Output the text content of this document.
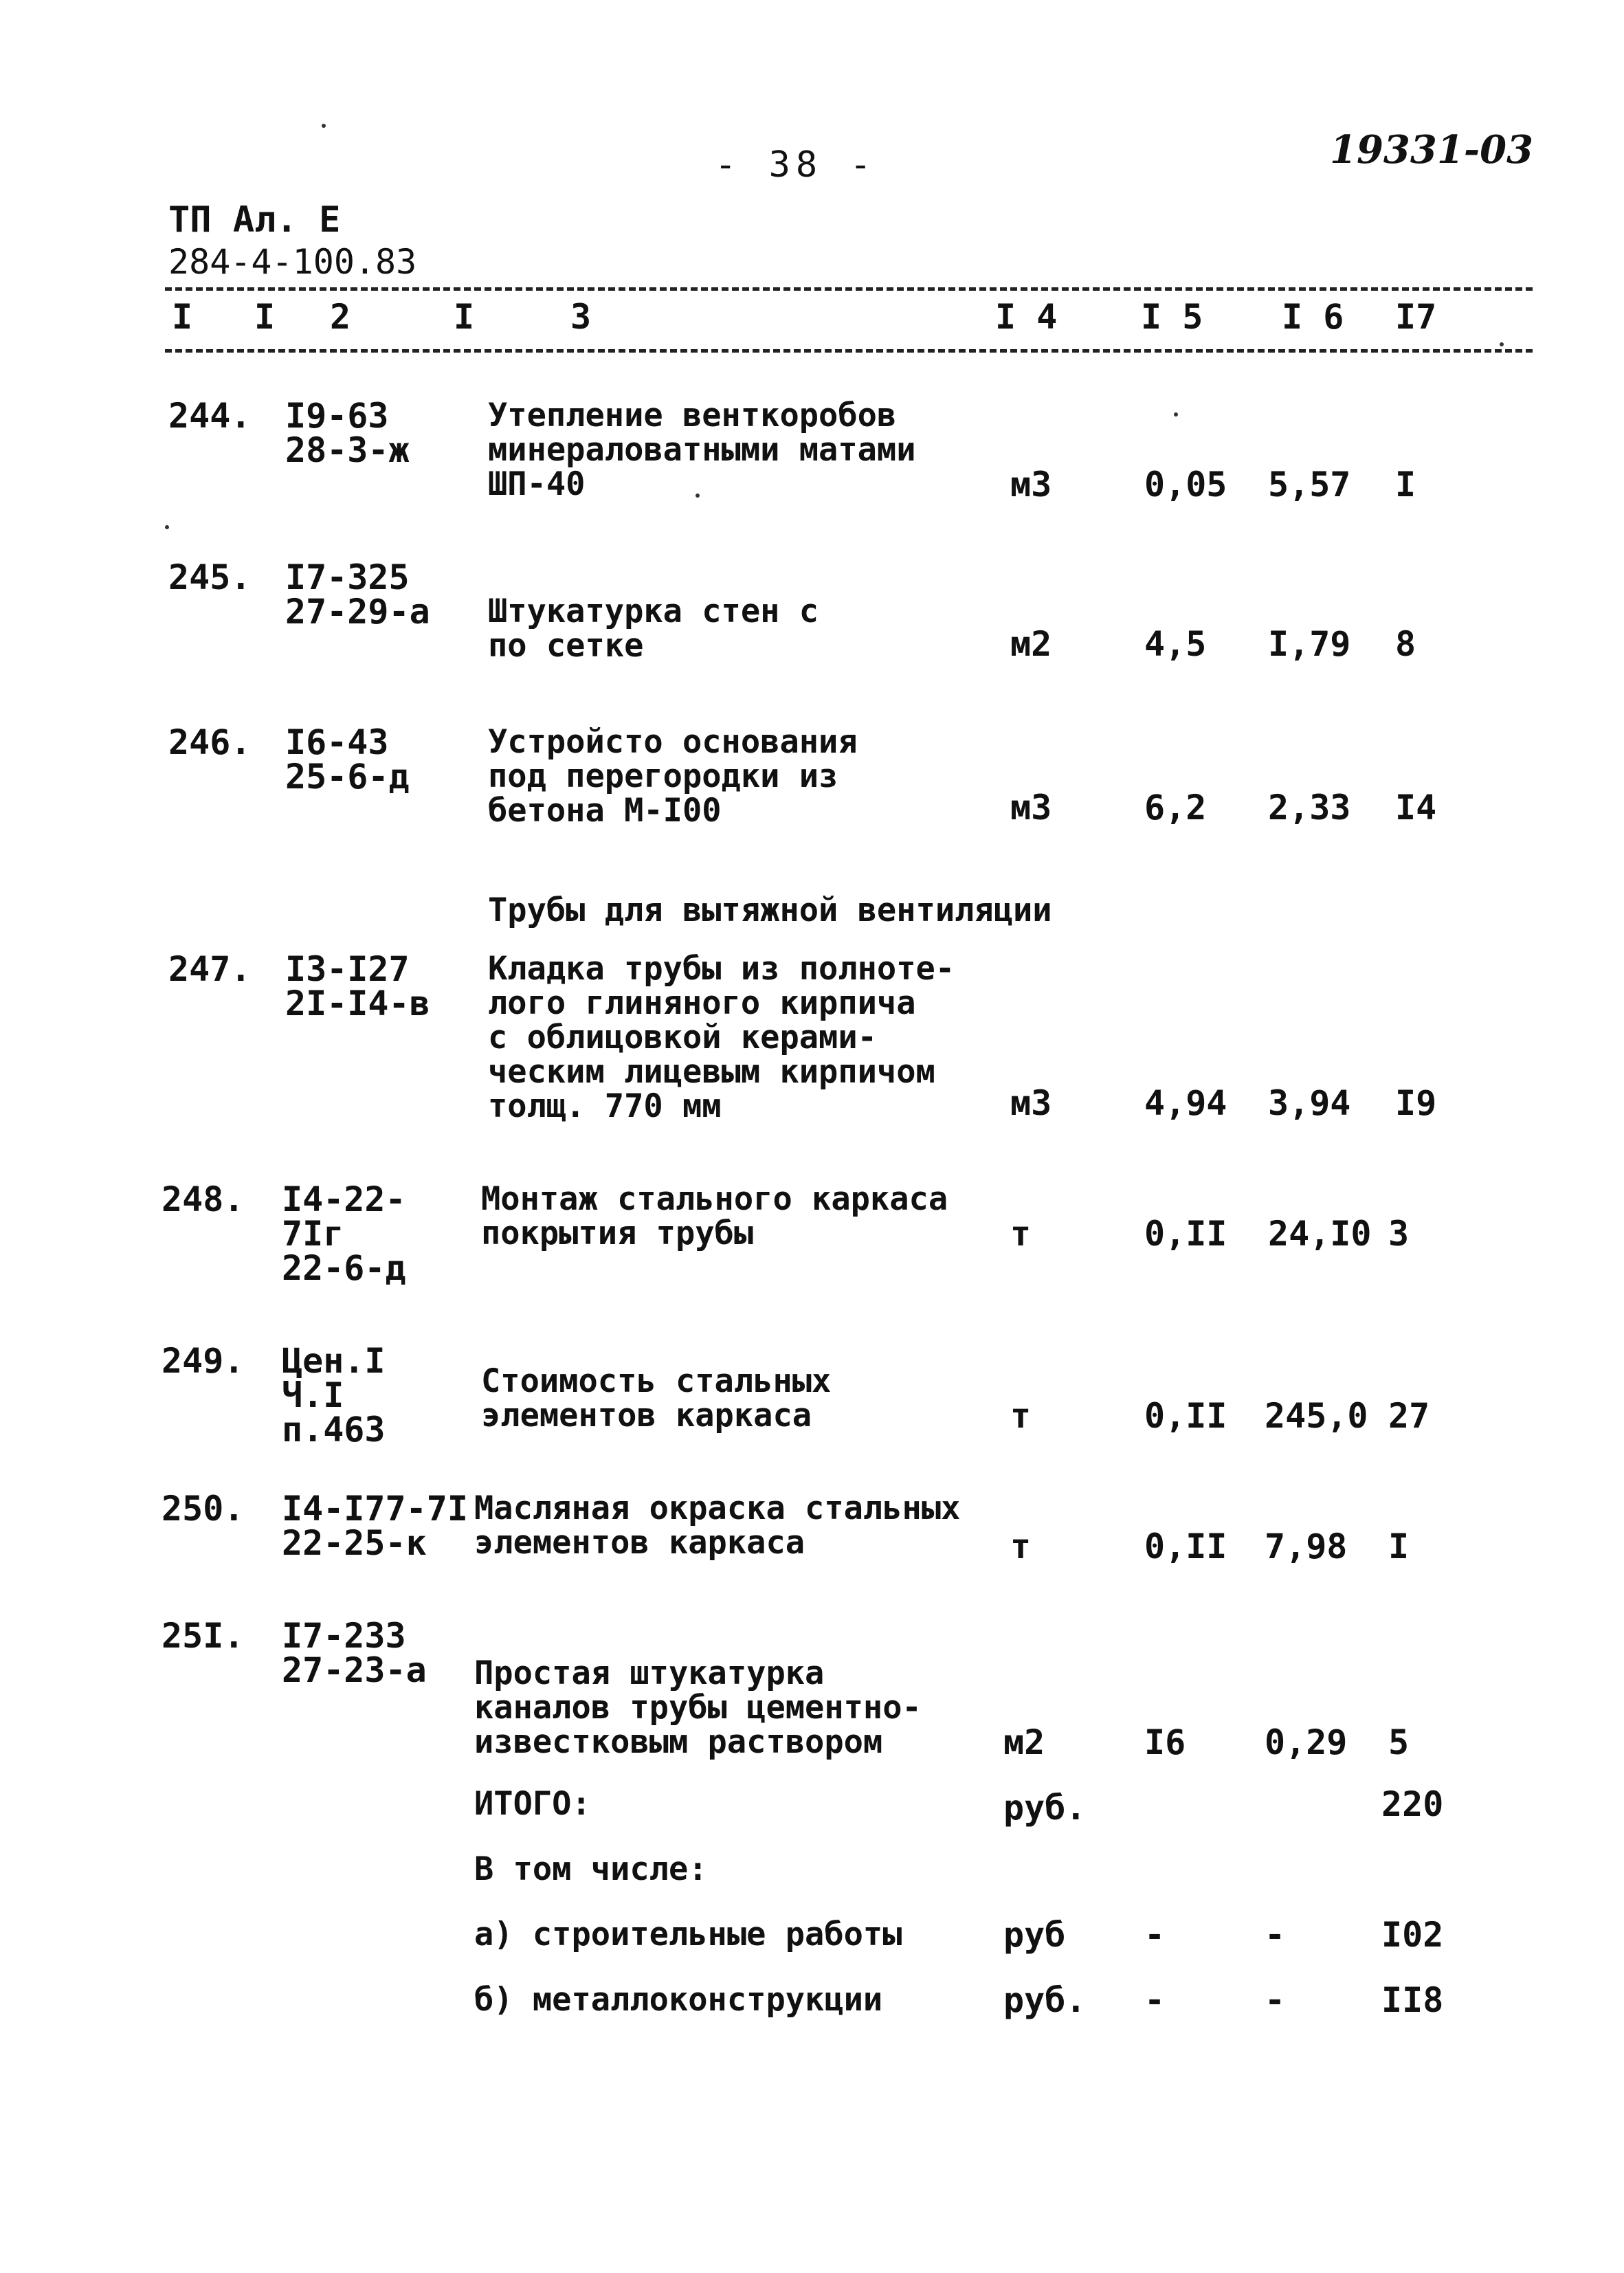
- 38 -	19331-03
ТП Ал. Е
284-4-100.83
I I 2	I	3	I 4 I 5 I 6 I7
244. I9-63
28-3-ж
Утепление венткоробов
минераловатными матами
ШП-40	м3	0,05 5,57 I
245. I7-325
27-29-а Штукатурка стен с
по сетке	м2	4,5 I,79 8
246. I6-43
25-6-д
Устройсто основания
под перегородки из
бетона М-I00	м3	6,2 2,33 I4
Трубы для вытяжной вентиляции
247. I3-I27
2I-I4-в
Кладка трубы из полноте-
лого глиняного кирпича
с облицовкой керами-
ческим лицевым кирпичом
толщ. 770 мм	м3	4,94 3,94 I9
248. I4-22-
7Iг
22-6-д
Монтаж стального каркаса
покрытия трубы	т	0,II 24,I0 3
249. Цен.I
Ч.I
п.463
Стоимость стальных
элементов каркаса	т	0,II 245,0 27
250. I4-I77-7I
22-25-к
Масляная окраска стальных
элементов каркаса	т	0,II 7,98 I
25I. I7-233
27-23-а Простая штукатурка
каналов трубы цементно-
известковым раствором	м2	I6 0,29 5
ИТОГО:	руб.	220
В том числе:
а) строительные работы	руб -	-	I02
б) металлоконструкции	руб. -	-	II8
